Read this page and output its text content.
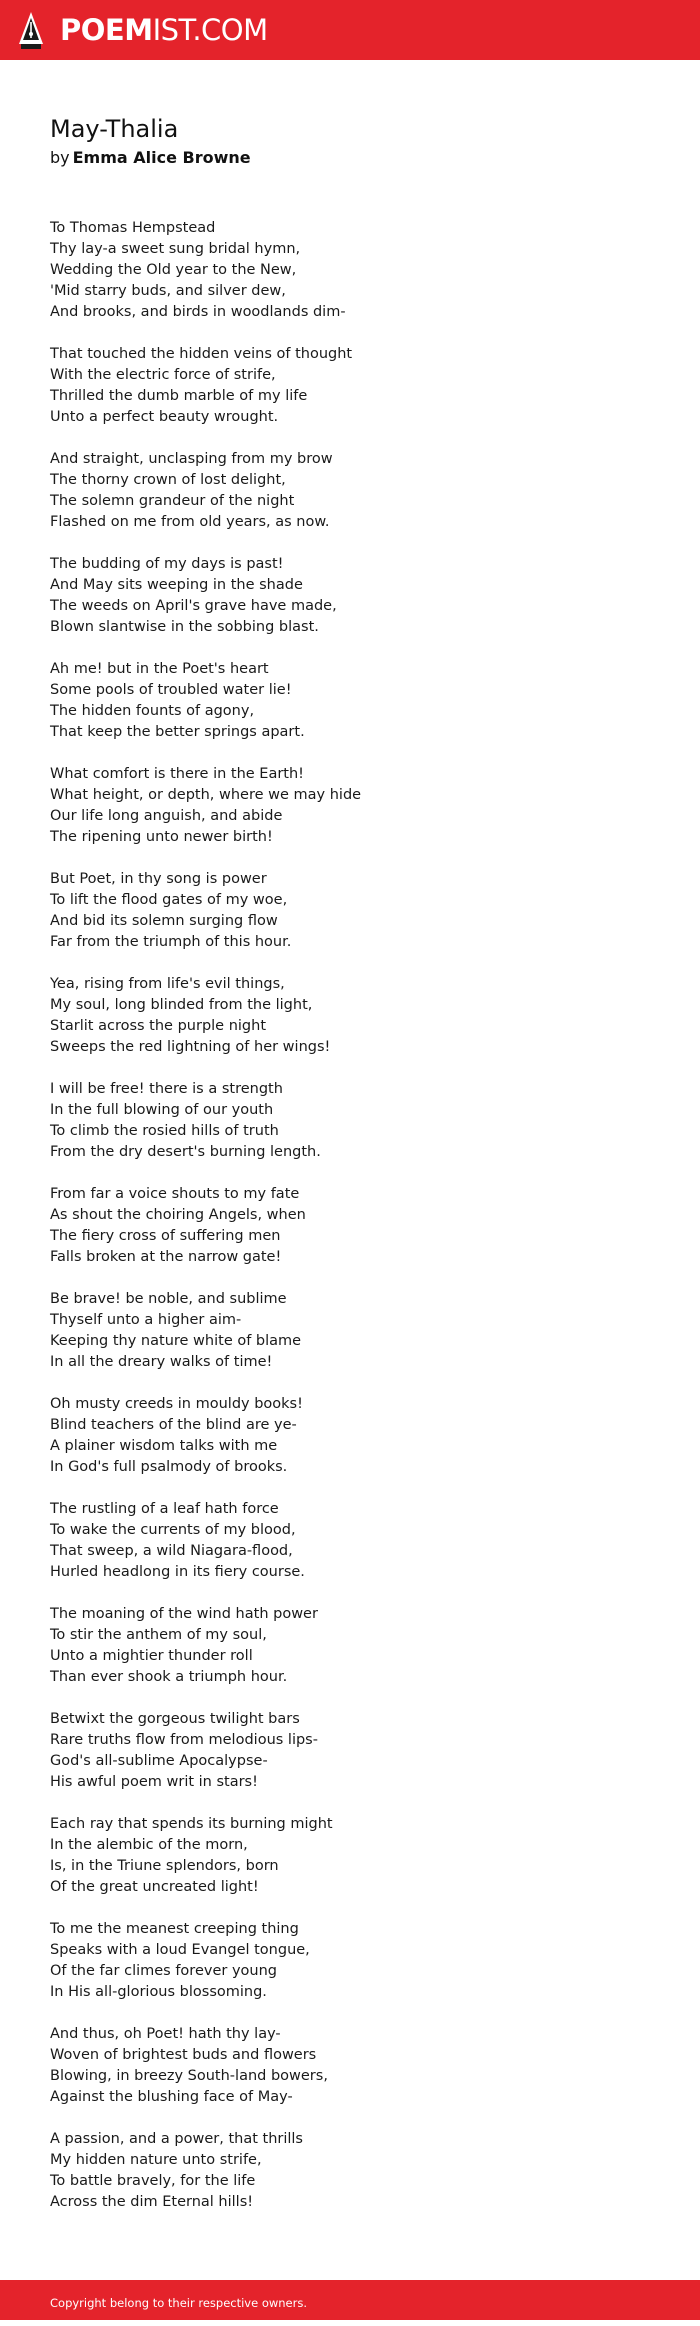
POEMIST.COM
May-Thalia

by Emma Alice Browne

To Thomas Hempstead
Thy lay-a sweet sung bridal hymn,
Wedding the Old year to the New,
'Mid starry buds, and silver dew,
And brooks, and birds in woodlands dim-
That touched the hidden veins of thought
With the electric force of strife,
Thrilled the dumb marble of my life
Unto a perfect beauty wrought.
And straight, unclasping from my brow
The thorny crown of lost delight,
The solemn grandeur of the night
Flashed on me from old years, as now.
The budding of my days is past!
And May sits weeping in the shade
The weeds on April's grave have made,
Blown slantwise in the sobbing blast.
Ah me! but in the Poet's heart
Some pools of troubled water lie!
The hidden founts of agony,
That keep the better springs apart.
What comfort is there in the Earth!
What height, or depth, where we may hide
Our life long anguish, and abide
The ripening unto newer birth!
But Poet, in thy song is power
To lift the flood gates of my woe,
And bid its solemn surging flow
Far from the triumph of this hour.
Yea, rising from life's evil things,
My soul, long blinded from the light,
Starlit across the purple night
Sweeps the red lightning of her wings!
I will be free! there is a strength
In the full blowing of our youth
To climb the rosied hills of truth
From the dry desert's burning length.
From far a voice shouts to my fate
As shout the choiring Angels, when
The fiery cross of suffering men
Falls broken at the narrow gate!
Be brave! be noble, and sublime
Thyself unto a higher aim-
Keeping thy nature white of blame
In all the dreary walks of time!
Oh musty creeds in mouldy books!
Blind teachers of the blind are ye-
A plainer wisdom talks with me
In God's full psalmody of brooks.
The rustling of a leaf hath force
To wake the currents of my blood,
That sweep, a wild Niagara-flood,
Hurled headlong in its fiery course.
The moaning of the wind hath power
To stir the anthem of my soul,
Unto a mightier thunder roll
Than ever shook a triumph hour.
Betwixt the gorgeous twilight bars
Rare truths flow from melodious lips-
God's all-sublime Apocalypse-
His awful poem writ in stars!
Each ray that spends its burning might
In the alembic of the morn,
Is, in the Triune splendors, born
Of the great uncreated light!
To me the meanest creeping thing
Speaks with a loud Evangel tongue,
Of the far climes forever young
In His all-glorious blossoming.
And thus, oh Poet! hath thy lay-
Woven of brightest buds and flowers
Blowing, in breezy South-land bowers,
Against the blushing face of May-
A passion, and a power, that thrills
My hidden nature unto strife,
To battle bravely, for the life
Across the dim Eternal hills!
Copyright belong to their respective owners.
